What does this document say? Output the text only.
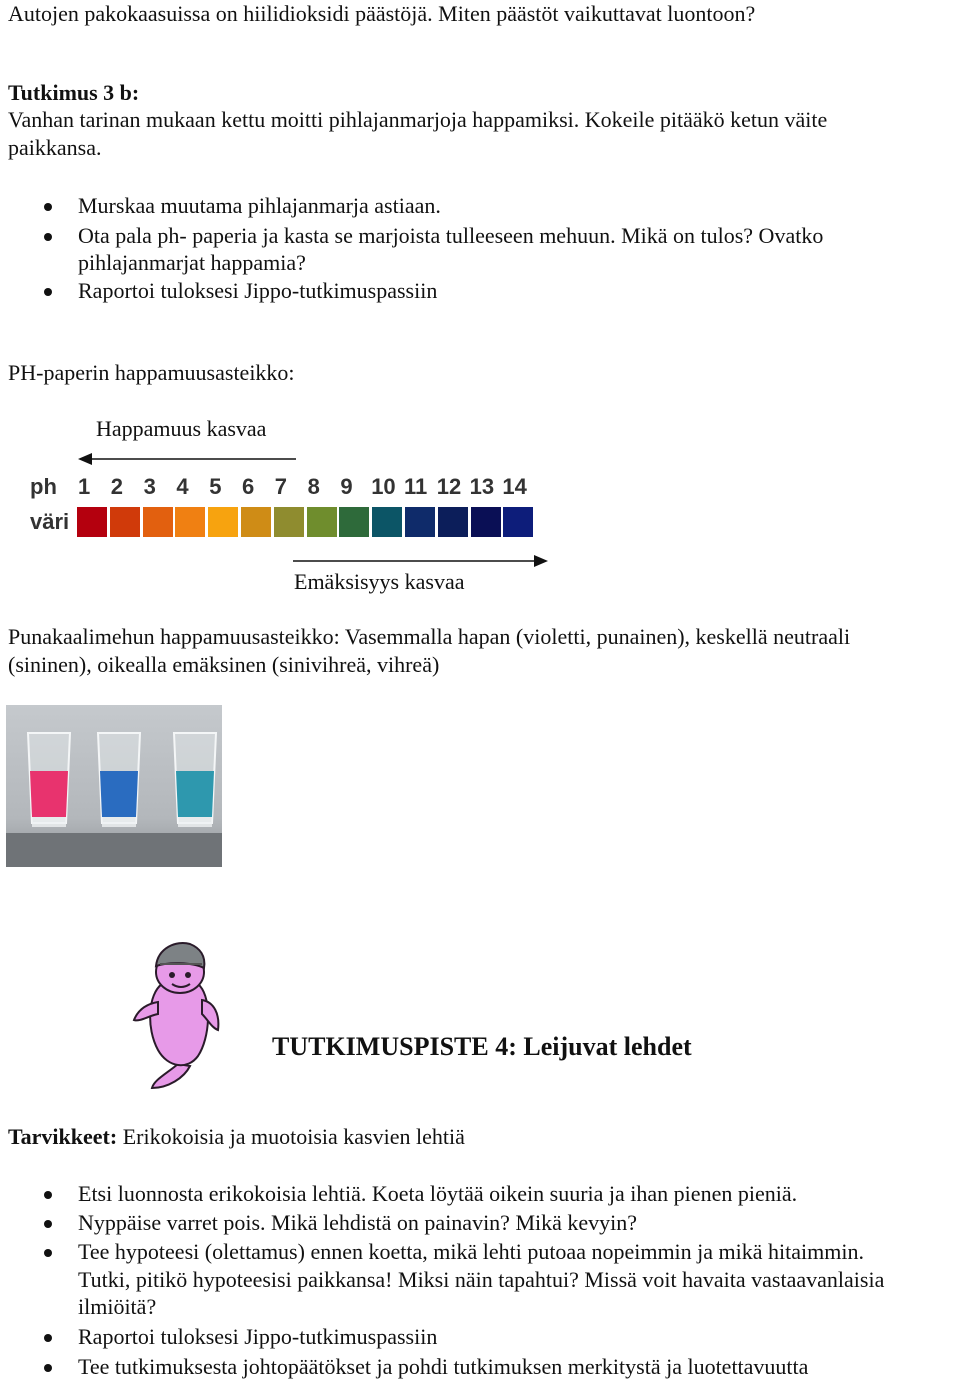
Autojen pakokaasuissa on hiilidioksidi päästöjä. Miten päästöt vaikuttavat luontoon?
Tutkimus 3 b:
Vanhan tarinan mukaan kettu moitti pihlajanmarjoja happamiksi. Kokeile pitääkö ketun väite
paikkansa.
Murskaa muutama pihlajanmarja astiaan.
Ota pala ph- paperia ja kasta se marjoista tulleeseen mehuun. Mikä on tulos? Ovatko
pihlajanmarjat happamia?
Raportoi tuloksesi Jippo-tutkimuspassiin
PH-paperin happamuusasteikko:
Happamuus kasvaa
ph
väri
1 2 3 4 5 6 7 8 9 10 11 12 13 14
Emäksisyys kasvaa
Punakaalimehun happamuusasteikko: Vasemmalla hapan (violetti, punainen), keskellä neutraali
(sininen), oikealla emäksinen (sinivihreä, vihreä)
TUTKIMUSPISTE 4: Leijuvat lehdet
Tarvikkeet: Erikokoisia ja muotoisia kasvien lehtiä
Etsi luonnosta erikokoisia lehtiä. Koeta löytää oikein suuria ja ihan pienen pieniä.
Nyppäise varret pois. Mikä lehdistä on painavin? Mikä kevyin?
Tee hypoteesi (olettamus) ennen koetta, mikä lehti putoaa nopeimmin ja mikä hitaimmin.
Tutki, pitikö hypoteesisi paikkansa! Miksi näin tapahtui? Missä voit havaita vastaavanlaisia
ilmiöitä?
Raportoi tuloksesi Jippo-tutkimuspassiin
Tee tutkimuksesta johtopäätökset ja pohdi tutkimuksen merkitystä ja luotettavuutta
